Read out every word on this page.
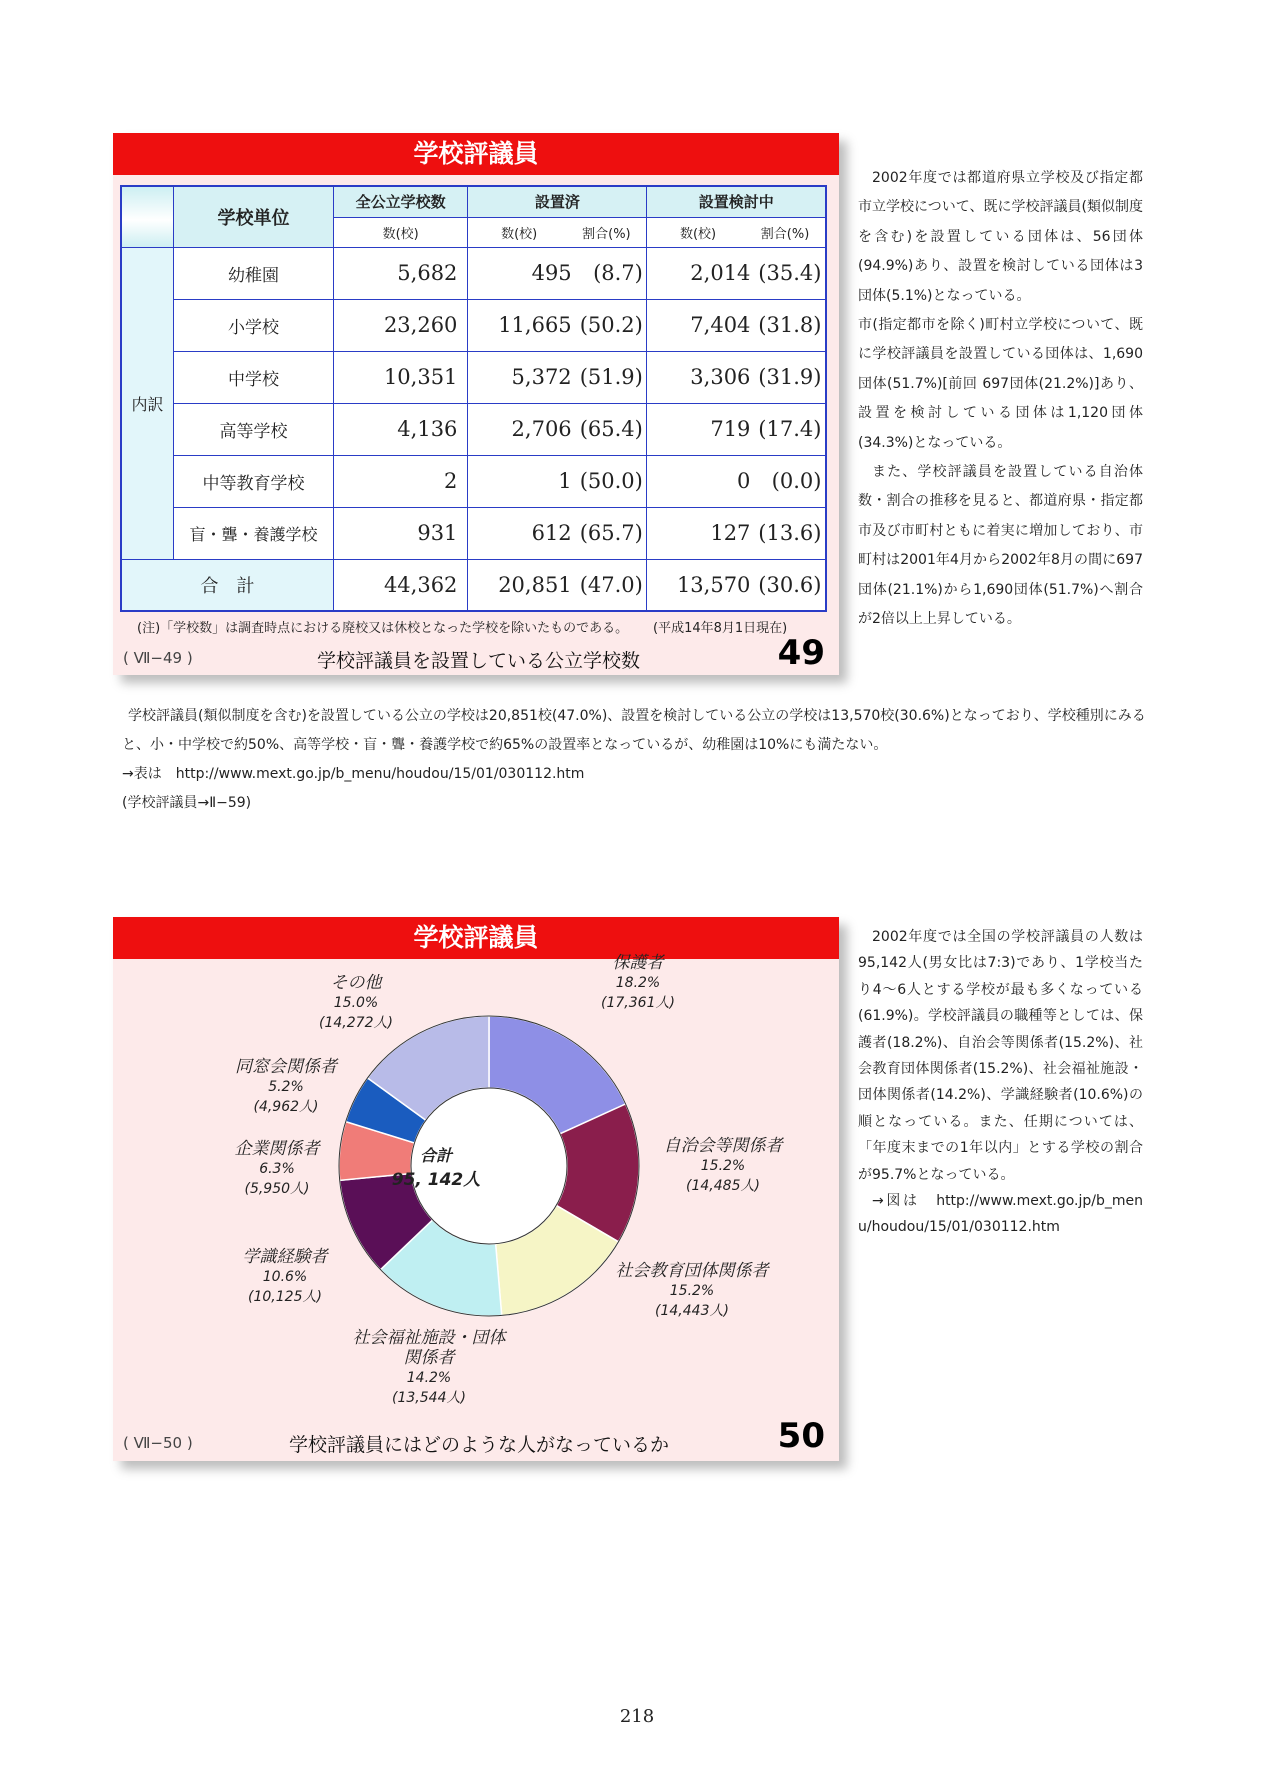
学校評議員
	学校単位	全公立学校数	設置済	設置検討中
		数(校)	数(校) 割合(%)	数(校) 割合(%)
内訳	幼稚園	5,682	495 (8.7)	2,014 (35.4)
	小学校	23,260	11,665 (50.2)	7,404 (31.8)
	中学校	10,351	5,372 (51.9)	3,306 (31.9)
	高等学校	4,136	2,706 (65.4)	719 (17.4)
	中等教育学校	2	1 (50.0)	0 (0.0)
	盲・聾・養護学校	931	612 (65.7)	127 (13.6)
合　計		44,362	20,851 (47.0)	13,570 (30.6)
(注)「学校数」は調査時点における廃校又は休校となった学校を除いたものである。 (平成14年8月1日現在)
( Ⅶ−49 )	学校評議員を設置している公立学校数	49

2002年度では都道府県立学校及び指定都市立学校について、既に学校評議員(類似制度を含む)を設置している団体は、56団体(94.9%)あり、設置を検討している団体は3団体(5.1%)となっている。

市(指定都市を除く)町村立学校について、既に学校評議員を設置している団体は、1,690団体(51.7%)[前回 697団体(21.2%)]あり、設置を検討している団体は1,120団体(34.3%)となっている。

また、学校評議員を設置している自治体数・割合の推移を見ると、都道府県・指定都市及び市町村ともに着実に増加しており、市町村は2001年4月から2002年8月の間に697団体(21.1%)から1,690団体(51.7%)へ割合が2倍以上上昇している。

学校評議員(類似制度を含む)を設置している公立の学校は20,851校(47.0%)、設置を検討している公立の学校は13,570校(30.6%)となっており、学校種別にみると、小・中学校で約50%、高等学校・盲・聾・養護学校で約65%の設置率となっているが、幼稚園は10%にも満たない。

→表は　http://www.mext.go.jp/b_menu/houdou/15/01/030112.htm

(学校評議員→Ⅱ−59)

学校評議員
保護者
18.2%
(17,361人)
自治会等関係者
15.2%
(14,485人)
社会教育団体関係者
15.2%
(14,443人)
社会福祉施設・団体関係者
14.2%
(13,544人)
学識経験者
10.6%
(10,125人)
企業関係者
6.3%
(5,950人)
同窓会関係者
5.2%
(4,962人)
その他
15.0%
(14,272人)
合計
95, 142人
( Ⅶ−50 )	学校評議員にはどのような人がなっているか	50

2002年度では全国の学校評議員の人数は95,142人(男女比は7:3)であり、1学校当たり4〜6人とする学校が最も多くなっている(61.9%)。学校評議員の職種等としては、保護者(18.2%)、自治会等関係者(15.2%)、社会教育団体関係者(15.2%)、社会福祉施設・団体関係者(14.2%)、学識経験者(10.6%)の順となっている。また、任期については、「年度末までの1年以内」とする学校の割合が95.7%となっている。

→図は　http://www.mext.go.jp/b_menu/houdou/15/01/030112.htm

218
